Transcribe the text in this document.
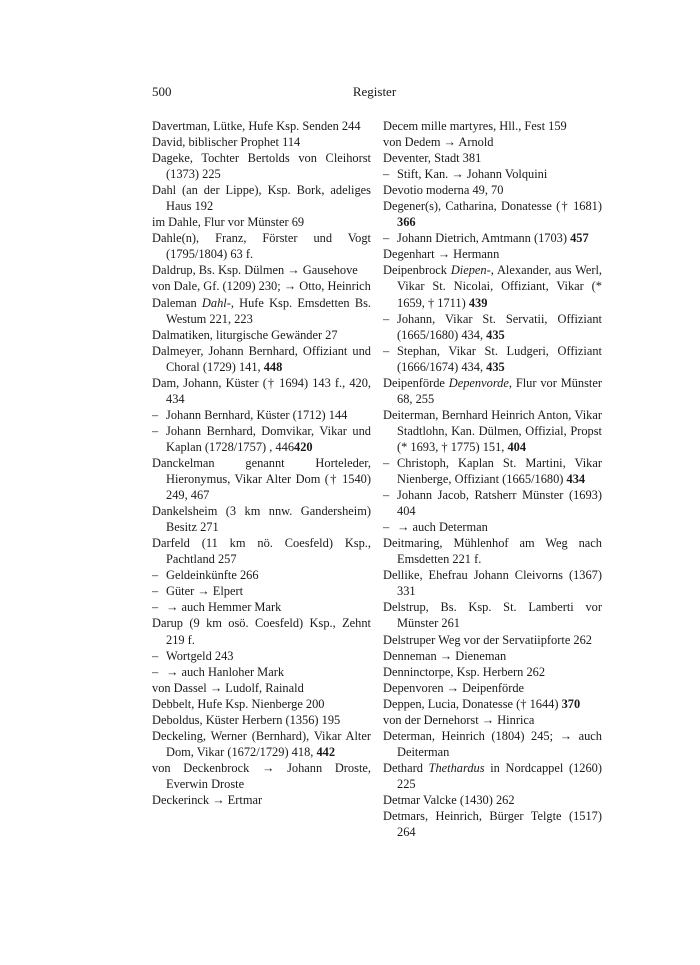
500	Register
Davertman, Lütke, Hufe Ksp. Senden 244
David, biblischer Prophet 114
Dageke, Tochter Bertolds von Cleihorst (1373) 225
Dahl (an der Lippe), Ksp. Bork, adeliges Haus 192
im Dahle, Flur vor Münster 69
Dahle(n), Franz, Förster und Vogt (1795/1804) 63 f.
Daldrup, Bs. Ksp. Dülmen → Gausehove
von Dale, Gf. (1209) 230; → Otto, Heinrich
Daleman Dahl-, Hufe Ksp. Emsdetten Bs. Westum 221, 223
Dalmatiken, liturgische Gewänder 27
Dalmeyer, Johann Bernhard, Offiziant und Choral (1729) 141, 448
Dam, Johann, Küster († 1694) 143 f., 420, 434
– Johann Bernhard, Küster (1712) 144
– Johann Bernhard, Domvikar, Vikar und Kaplan (1728/1757) , 446420
Danckelman genannt Horteleder, Hieronymus, Vikar Alter Dom († 1540) 249, 467
Dankelsheim (3 km nnw. Gandersheim) Besitz 271
Darfeld (11 km nö. Coesfeld) Ksp., Pachtland 257
– Geldeinkünfte 266
– Güter → Elpert
– → auch Hemmer Mark
Darup (9 km osö. Coesfeld) Ksp., Zehnt 219 f.
– Wortgeld 243
– → auch Hanloher Mark
von Dassel → Ludolf, Rainald
Debbelt, Hufe Ksp. Nienberge 200
Deboldus, Küster Herbern (1356) 195
Deckeling, Werner (Bernhard), Vikar Alter Dom, Vikar (1672/1729) 418, 442
von Deckenbrock → Johann Droste, Everwin Droste
Deckerinck → Ertmar
Decem mille martyres, Hll., Fest 159
von Dedem → Arnold
Deventer, Stadt 381
– Stift, Kan. → Johann Volquini
Devotio moderna 49, 70
Degener(s), Catharina, Donatesse († 1681) 366
– Johann Dietrich, Amtmann (1703) 457
Degenhart → Hermann
Deipenbrock Diepen-, Alexander, aus Werl, Vikar St. Nicolai, Offiziant, Vikar (* 1659, † 1711) 439
– Johann, Vikar St. Servatii, Offiziant (1665/1680) 434, 435
– Stephan, Vikar St. Ludgeri, Offiziant (1666/1674) 434, 435
Deipenförde Depenvorde, Flur vor Münster 68, 255
Deiterman, Bernhard Heinrich Anton, Vikar Stadtlohn, Kan. Dülmen, Offizial, Propst (* 1693, † 1775) 151, 404
– Christoph, Kaplan St. Martini, Vikar Nienberge, Offiziant (1665/1680) 434
– Johann Jacob, Ratsherr Münster (1693) 404
– → auch Determan
Deitmaring, Mühlenhof am Weg nach Emsdetten 221 f.
Dellike, Ehefrau Johann Cleivorns (1367) 331
Delstrup, Bs. Ksp. St. Lamberti vor Münster 261
Delstruper Weg vor der Servatiipforte 262
Denneman → Dieneman
Denninctorpe, Ksp. Herbern 262
Depenvoren → Deipenförde
Deppen, Lucia, Donatesse († 1644) 370
von der Dernehorst → Hinrica
Determan, Heinrich (1804) 245; → auch Deiterman
Dethard Thethardus in Nordcappel (1260) 225
Detmar Valcke (1430) 262
Detmars, Heinrich, Bürger Telgte (1517) 264
